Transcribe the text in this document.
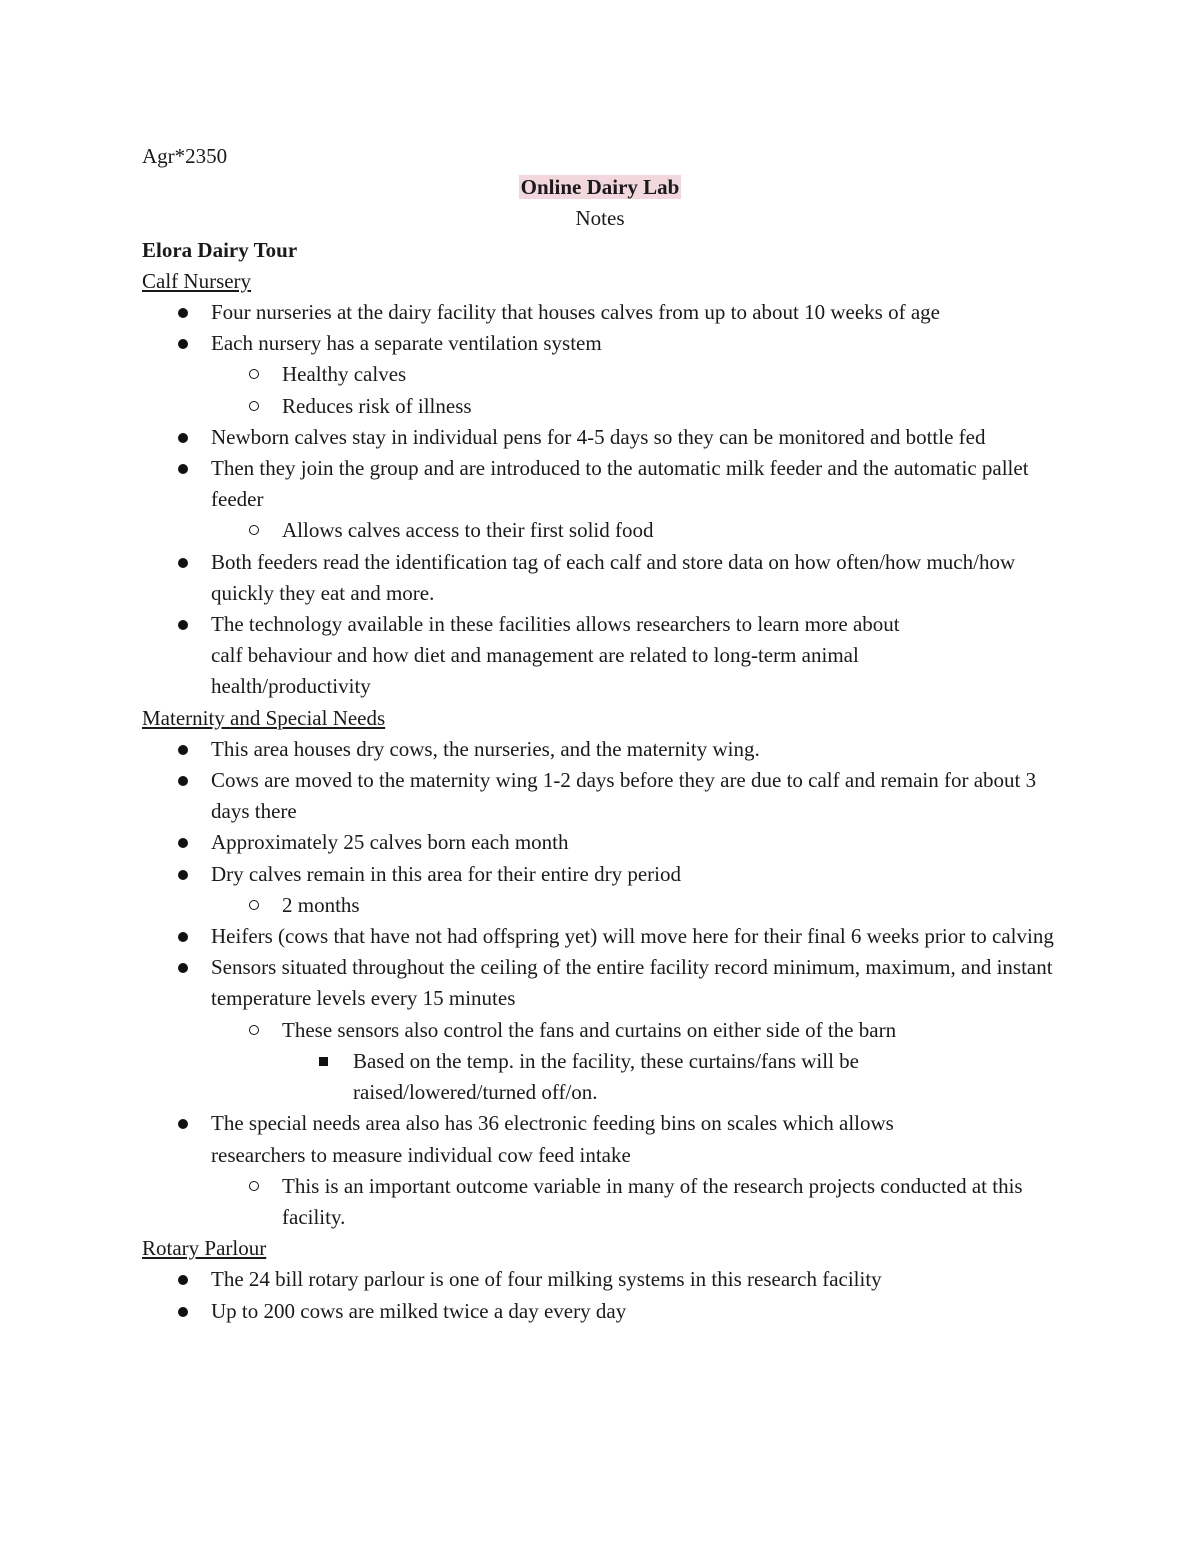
Agr*2350

Online Dairy Lab

Notes

Elora Dairy Tour

Calf Nursery

Four nurseries at the dairy facility that houses calves from up to about 10 weeks of age
Each nursery has a separate ventilation system
Healthy calves
Reduces risk of illness
Newborn calves stay in individual pens for 4-5 days so they can be monitored and bottle fed
Then they join the group and are introduced to the automatic milk feeder and the automatic pallet feeder
Allows calves access to their first solid food
Both feeders read the identification tag of each calf and store data on how often/how much/how quickly they eat and more.
The technology available in these facilities allows researchers to learn more about calf behaviour and how diet and management are related to long-term animal health/productivity

Maternity and Special Needs

This area houses dry cows, the nurseries, and the maternity wing.
Cows are moved to the maternity wing 1-2 days before they are due to calf and remain for about 3 days there
Approximately 25 calves born each month
Dry calves remain in this area for their entire dry period
2 months
Heifers (cows that have not had offspring yet) will move here for their final 6 weeks prior to calving
Sensors situated throughout the ceiling of the entire facility record minimum, maximum, and instant temperature levels every 15 minutes
These sensors also control the fans and curtains on either side of the barn
Based on the temp. in the facility, these curtains/fans will be raised/lowered/turned off/on.
The special needs area also has 36 electronic feeding bins on scales which allows researchers to measure individual cow feed intake
This is an important outcome variable in many of the research projects conducted at this facility.

Rotary Parlour

The 24 bill rotary parlour is one of four milking systems in this research facility
Up to 200 cows are milked twice a day every day
